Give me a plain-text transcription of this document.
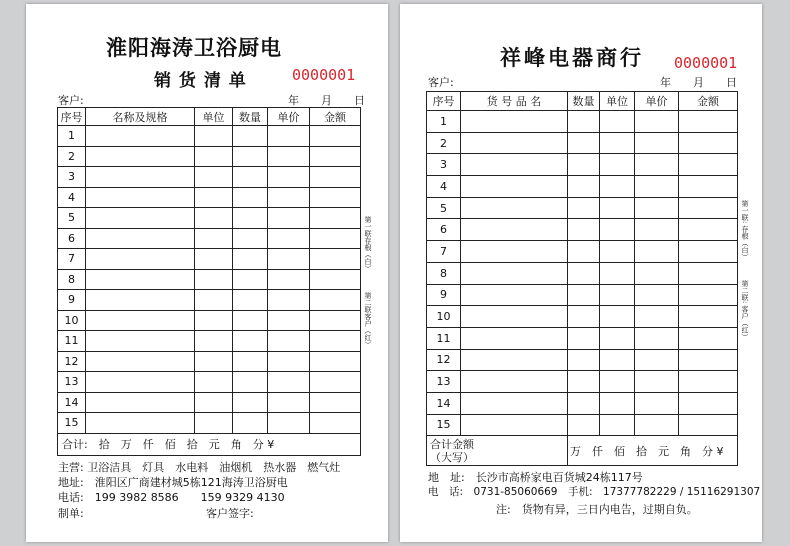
淮阳海涛卫浴厨电
销 货 清 单	0000001
客户:	年　　月　　日
序号	名称及规格	单位	数量	单价	金额
1					
2					
3					
4					
5					
6					
7					
8					
9					
10					
11					
12					
13					
14					
15					
合计:　拾　万　仟　佰　拾　元　角　分 ¥					
第一联存根（白）
第二联客户（红）
主营: 卫浴洁具　灯具　水电料　油烟机　热水器　燃气灶
地址:　淮阳区广商建材城5栋121海涛卫浴厨电
电话:　199 3982 8586　　159 9329 4130
制单:	客户签字:
祥峰电器商行 0000001
客户:	年　　月　　日
序号	货 号 品 名	数量	单位	单价	金额
1					
2					
3					
4					
5					
6					
7					
8					
9					
10					
11					
12					
13					
14					
15					

合计金额
（大写）		万　仟　佰　拾　元　角　分 ¥			
第一联: 存根（白）
第二联: 客户（红）
地　址:　长沙市高桥家电百货城24栋117号
电　话:　0731-85060669　手机:　17377782229 / 15116291307
注:　货物有异，三日内电告，过期自负。
